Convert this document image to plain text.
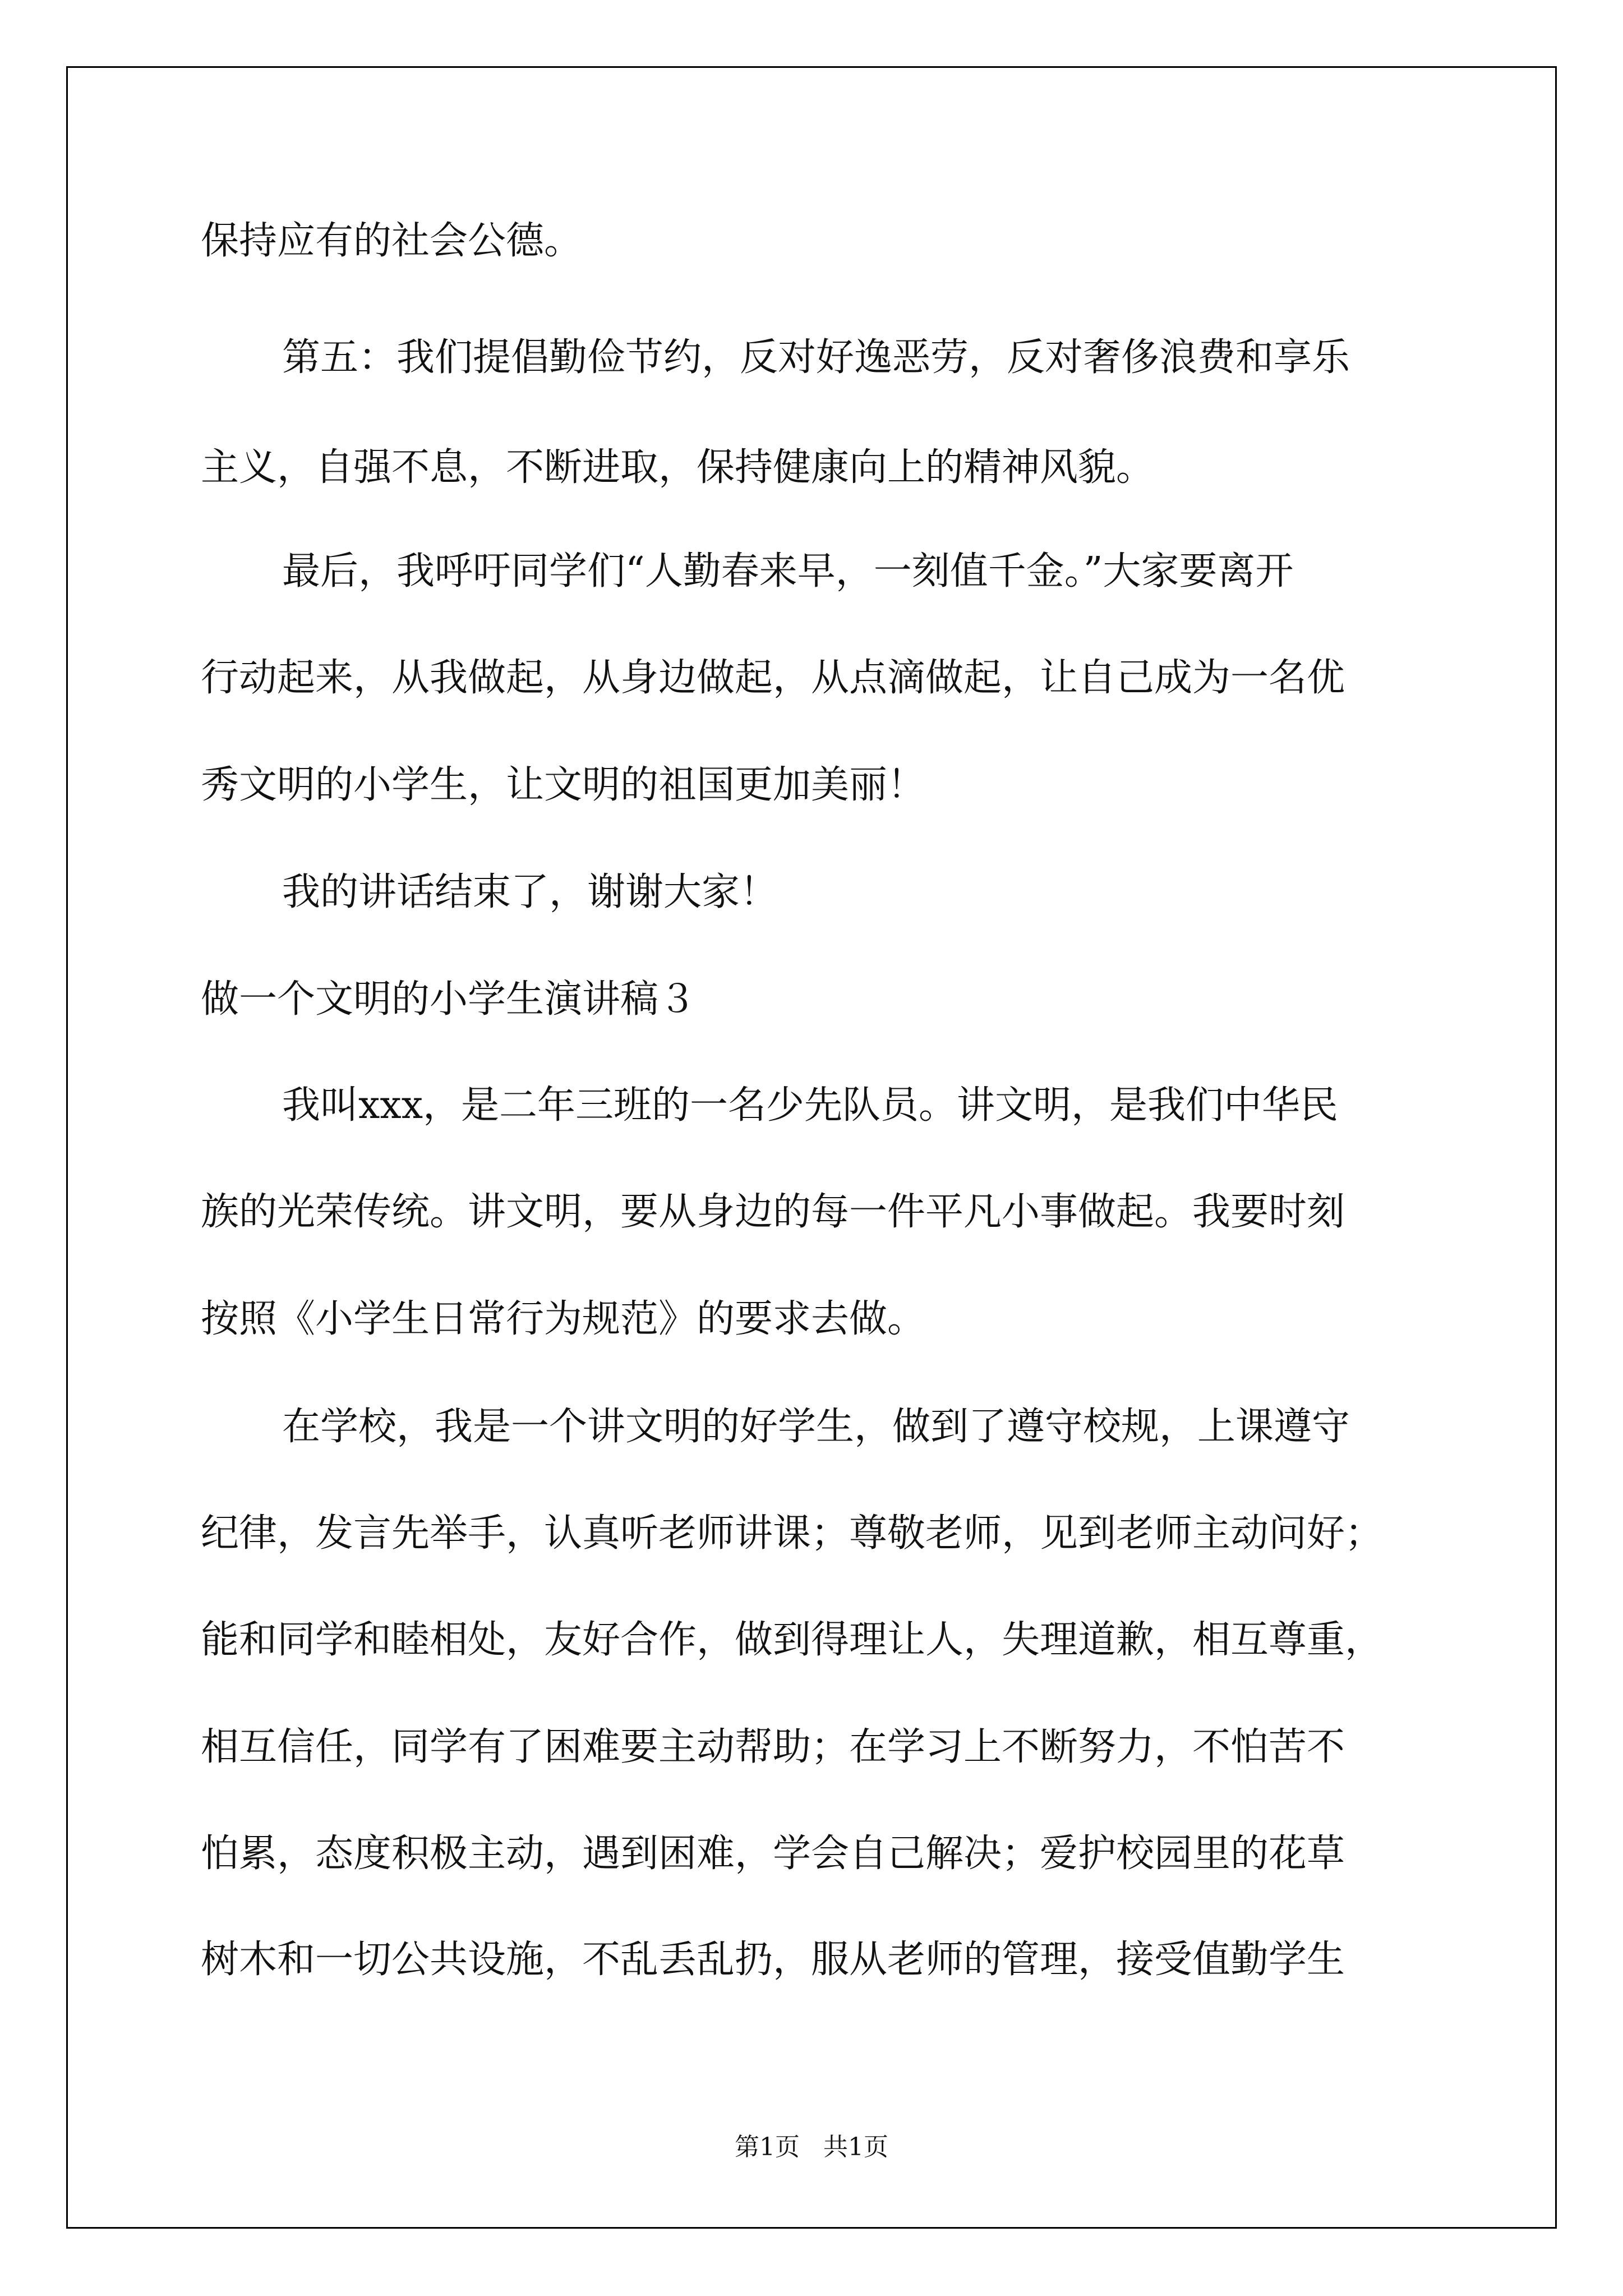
保持应有的社会公德。
第五：我们提倡勤俭节约，反对好逸恶劳，反对奢侈浪费和享乐
主义，自强不息，不断进取，保持健康向上的精神风貌。
最后，我呼吁同学们“人勤春来早，一刻值千金。”大家要离开
行动起来，从我做起，从身边做起，从点滴做起，让自己成为一名优
秀文明的小学生，让文明的祖国更加美丽！
我的讲话结束了，谢谢大家！
做一个文明的小学生演讲稿３
我叫xxx，是二年三班的一名少先队员。讲文明，是我们中华民
族的光荣传统。讲文明，要从身边的每一件平凡小事做起。我要时刻
按照《小学生日常行为规范》的要求去做。
在学校，我是一个讲文明的好学生，做到了遵守校规，上课遵守
纪律，发言先举手，认真听老师讲课；尊敬老师，见到老师主动问好；
能和同学和睦相处，友好合作，做到得理让人，失理道歉，相互尊重，
相互信任，同学有了困难要主动帮助；在学习上不断努力，不怕苦不
怕累，态度积极主动，遇到困难，学会自己解决；爱护校园里的花草
树木和一切公共设施，不乱丢乱扔，服从老师的管理，接受值勤学生
第1页   共1页
